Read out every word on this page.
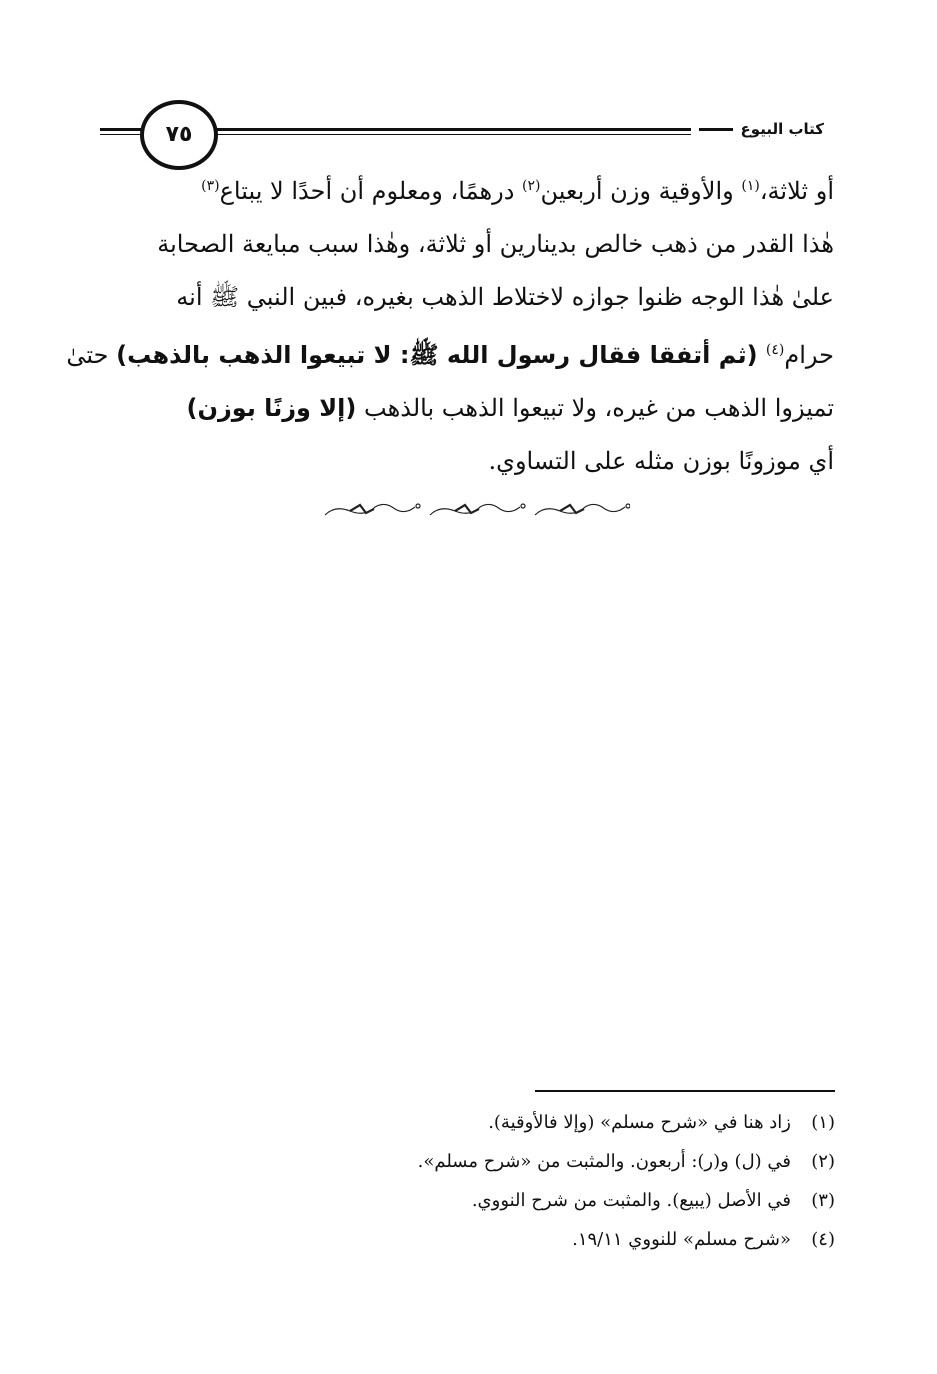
كتاب البيوع
٧٥
أو ثلاثة،$^{(١)}$ والأوقية وزن أربعين$^{(٢)}$ درهمًا، ومعلوم أن أحدًا لا يبتاع$^{(٣)}$
هٰذا القدر من ذهب خالص بدينارين أو ثلاثة، وهٰذا سبب مبايعة الصحابة
علىٰ هٰذا الوجه ظنوا جوازه لاختلاط الذهب بغيره، فبين النبي ﷺ أنه
حرام$^{(٤)}$ (ثم أتفقا فقال رسول الله ﷺ: لا تبيعوا الذهب بالذهب) حتىٰ
تميزوا الذهب من غيره، ولا تبيعوا الذهب بالذهب (إلا وزنًا بوزن)
أي موزونًا بوزن مثله على التساوي.
(١)زاد هنا في «شرح مسلم» (وإلا فالأوقية).
(٢)في (ل) و(ر): أربعون. والمثبت من «شرح مسلم».
(٣)في الأصل (يبيع). والمثبت من شرح النووي.
(٤)«شرح مسلم» للنووي ١٩/١١.
